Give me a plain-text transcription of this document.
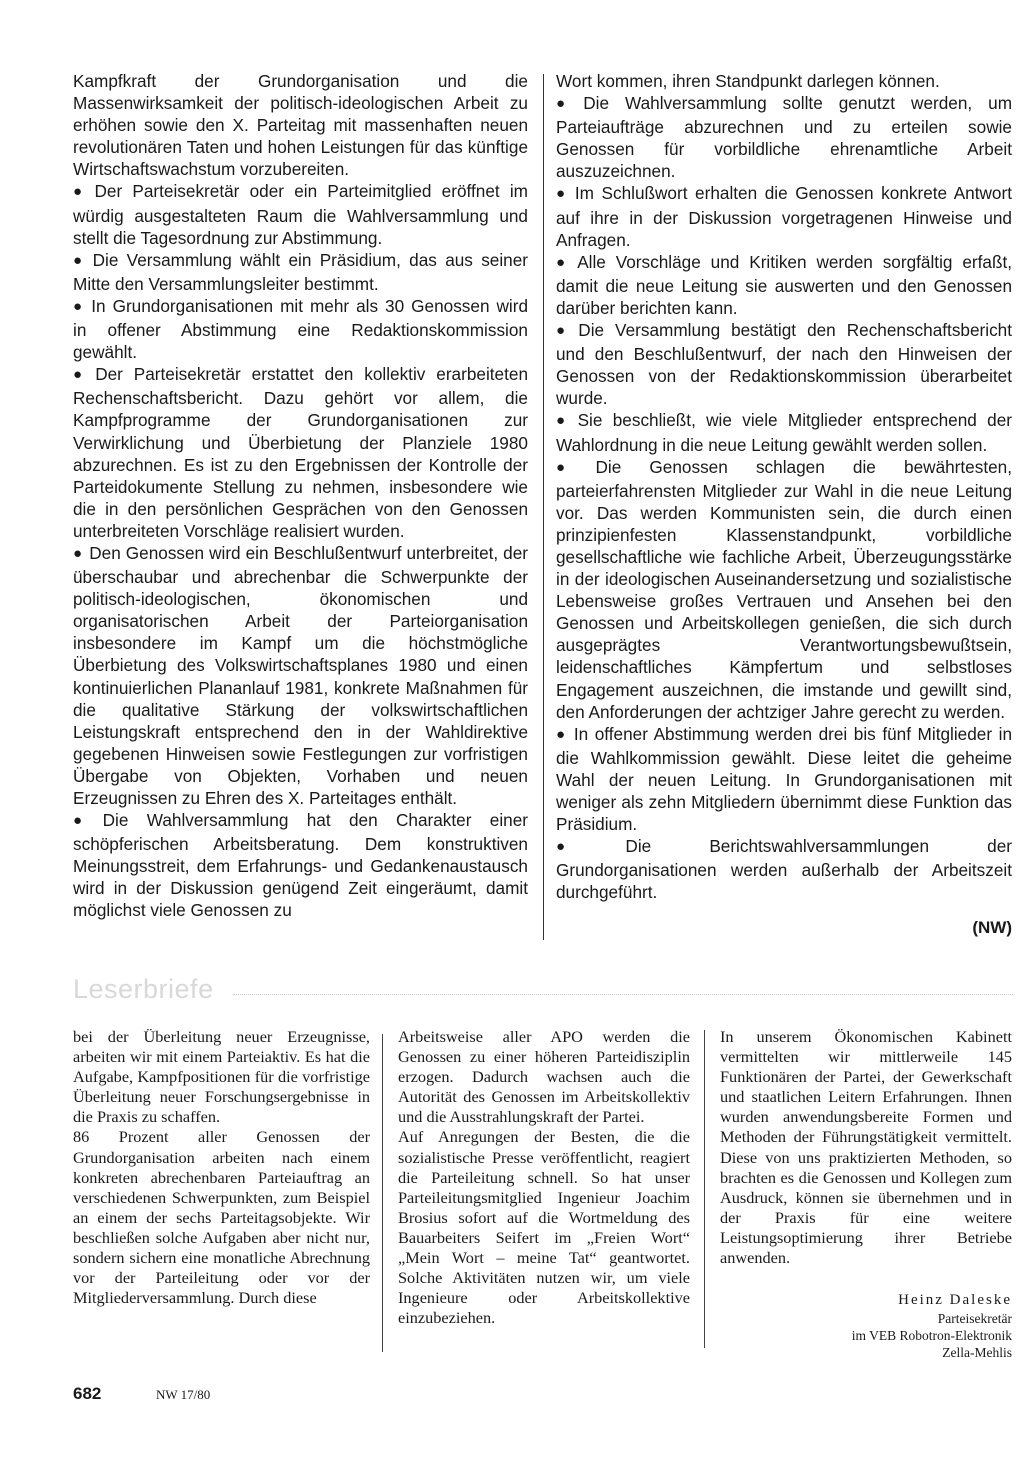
Kampfkraft der Grundorganisation und die Massenwirksamkeit der politisch-ideologischen Arbeit zu erhöhen sowie den X. Parteitag mit massenhaften neuen revolutionären Taten und hohen Leistungen für das künftige Wirtschaftswachstum vorzubereiten.

● Der Parteisekretär oder ein Parteimitglied eröffnet im würdig ausgestalteten Raum die Wahlversammlung und stellt die Tagesordnung zur Abstimmung.

● Die Versammlung wählt ein Präsidium, das aus seiner Mitte den Versammlungsleiter bestimmt.

● In Grundorganisationen mit mehr als 30 Genossen wird in offener Abstimmung eine Redaktionskommission gewählt.

● Der Parteisekretär erstattet den kollektiv erarbeiteten Rechenschaftsbericht. Dazu gehört vor allem, die Kampfprogramme der Grundorganisationen zur Verwirklichung und Überbietung der Planziele 1980 abzurechnen. Es ist zu den Ergebnissen der Kontrolle der Parteidokumente Stellung zu nehmen, insbesondere wie die in den persönlichen Gesprächen von den Genossen unterbreiteten Vorschläge realisiert wurden.

● Den Genossen wird ein Beschlußentwurf unterbreitet, der überschaubar und abrechenbar die Schwerpunkte der politisch-ideologischen, ökonomischen und organisatorischen Arbeit der Parteiorganisation insbesondere im Kampf um die höchstmögliche Überbietung des Volkswirtschaftsplanes 1980 und einen kontinuierlichen Plananlauf 1981, konkrete Maßnahmen für die qualitative Stärkung der volkswirtschaftlichen Leistungskraft entsprechend den in der Wahldirektive gegebenen Hinweisen sowie Festlegungen zur vorfristigen Übergabe von Objekten, Vorhaben und neuen Erzeugnissen zu Ehren des X. Parteitages enthält.

● Die Wahlversammlung hat den Charakter einer schöpferischen Arbeitsberatung. Dem konstruktiven Meinungsstreit, dem Erfahrungs- und Gedankenaustausch wird in der Diskussion genügend Zeit eingeräumt, damit möglichst viele Genossen zu

Wort kommen, ihren Standpunkt darlegen können.

● Die Wahlversammlung sollte genutzt werden, um Parteiaufträge abzurechnen und zu erteilen sowie Genossen für vorbildliche ehrenamtliche Arbeit auszuzeichnen.

● Im Schlußwort erhalten die Genossen konkrete Antwort auf ihre in der Diskussion vorgetragenen Hinweise und Anfragen.

● Alle Vorschläge und Kritiken werden sorgfältig erfaßt, damit die neue Leitung sie auswerten und den Genossen darüber berichten kann.

● Die Versammlung bestätigt den Rechenschaftsbericht und den Beschlußentwurf, der nach den Hinweisen der Genossen von der Redaktionskommission überarbeitet wurde.

● Sie beschließt, wie viele Mitglieder entsprechend der Wahlordnung in die neue Leitung gewählt werden sollen.

● Die Genossen schlagen die bewährtesten, parteierfahrensten Mitglieder zur Wahl in die neue Leitung vor. Das werden Kommunisten sein, die durch einen prinzipienfesten Klassenstandpunkt, vorbildliche gesellschaftliche wie fachliche Arbeit, Überzeugungsstärke in der ideologischen Auseinandersetzung und sozialistische Lebensweise großes Vertrauen und Ansehen bei den Genossen und Arbeitskollegen genießen, die sich durch ausgeprägtes Verantwortungsbewußtsein, leidenschaftliches Kämpfertum und selbstloses Engagement auszeichnen, die imstande und gewillt sind, den Anforderungen der achtziger Jahre gerecht zu werden.

● In offener Abstimmung werden drei bis fünf Mitglieder in die Wahlkommission gewählt. Diese leitet die geheime Wahl der neuen Leitung. In Grundorganisationen mit weniger als zehn Mitgliedern übernimmt diese Funktion das Präsidium.

● Die Berichtswahlversammlungen der Grundorganisationen werden außerhalb der Arbeitszeit durchgeführt.

(NW)
Leserbriefe

bei der Überleitung neuer Erzeugnisse, arbeiten wir mit einem Parteiaktiv. Es hat die Aufgabe, Kampfpositionen für die vorfristige Überleitung neuer Forschungsergebnisse in die Praxis zu schaffen.

86 Prozent aller Genossen der Grundorganisation arbeiten nach einem konkreten abrechenbaren Parteiauftrag an verschiedenen Schwerpunkten, zum Beispiel an einem der sechs Parteitagsobjekte. Wir beschließen solche Aufgaben aber nicht nur, sondern sichern eine monatliche Abrechnung vor der Parteileitung oder vor der Mitgliederversammlung. Durch diese

Arbeitsweise aller APO werden die Genossen zu einer höheren Parteidisziplin erzogen. Dadurch wachsen auch die Autorität des Genossen im Arbeitskollektiv und die Ausstrahlungskraft der Partei.

Auf Anregungen der Besten, die die sozialistische Presse veröffentlicht, reagiert die Parteileitung schnell. So hat unser Parteileitungsmitglied Ingenieur Joachim Brosius sofort auf die Wortmeldung des Bauarbeiters Seifert im „Freien Wort“ „Mein Wort – meine Tat“ geantwortet. Solche Aktivitäten nutzen wir, um viele Ingenieure oder Arbeitskollektive einzubeziehen.

In unserem Ökonomischen Kabinett vermittelten wir mittlerweile 145 Funktionären der Partei, der Gewerkschaft und staatlichen Leitern Erfahrungen. Ihnen wurden anwendungsbereite Formen und Methoden der Führungstätigkeit vermittelt. Diese von uns praktizierten Methoden, so brachten es die Genossen und Kollegen zum Ausdruck, können sie übernehmen und in der Praxis für eine weitere Leistungsoptimierung ihrer Betriebe anwenden.

Heinz Daleske
Parteisekretär
im VEB Robotron-Elektronik
Zella-Mehlis
682	NW 17/80
